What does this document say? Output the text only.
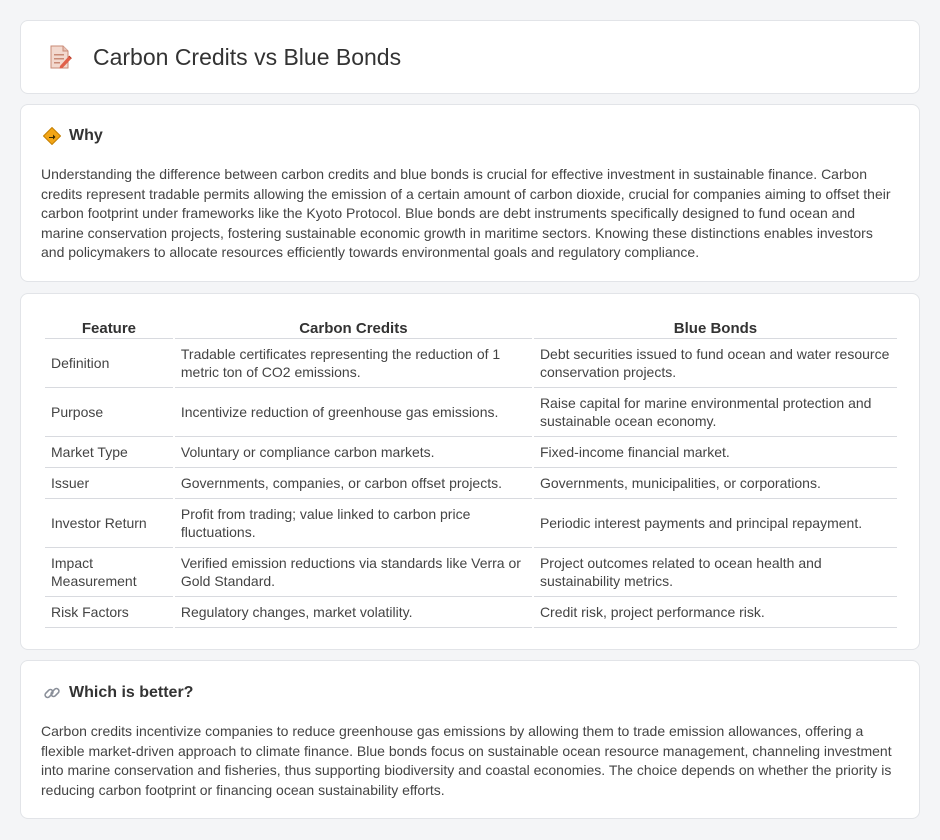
Carbon Credits vs Blue Bonds
Why

Understanding the difference between carbon credits and blue bonds is crucial for effective investment in sustainable finance. Carbon credits represent tradable permits allowing the emission of a certain amount of carbon dioxide, crucial for companies aiming to offset their carbon footprint under frameworks like the Kyoto Protocol. Blue bonds are debt instruments specifically designed to fund ocean and marine conservation projects, fostering sustainable economic growth in maritime sectors. Knowing these distinctions enables investors and policymakers to allocate resources efficiently towards environmental goals and regulatory compliance.

Feature	Carbon Credits	Blue Bonds
Definition	Tradable certificates representing the reduction of 1 metric ton of CO2 emissions.	Debt securities issued to fund ocean and water resource conservation projects.
Purpose	Incentivize reduction of greenhouse gas emissions.	Raise capital for marine environmental protection and sustainable ocean economy.
Market Type	Voluntary or compliance carbon markets.	Fixed-income financial market.
Issuer	Governments, companies, or carbon offset projects.	Governments, municipalities, or corporations.
Investor Return	Profit from trading; value linked to carbon price fluctuations.	Periodic interest payments and principal repayment.
Impact Measurement	Verified emission reductions via standards like Verra or Gold Standard.	Project outcomes related to ocean health and sustainability metrics.
Risk Factors	Regulatory changes, market volatility.	Credit risk, project performance risk.
Which is better?

Carbon credits incentivize companies to reduce greenhouse gas emissions by allowing them to trade emission allowances, offering a flexible market-driven approach to climate finance. Blue bonds focus on sustainable ocean resource management, channeling investment into marine conservation and fisheries, thus supporting biodiversity and coastal economies. The choice depends on whether the priority is reducing carbon footprint or financing ocean sustainability efforts.
